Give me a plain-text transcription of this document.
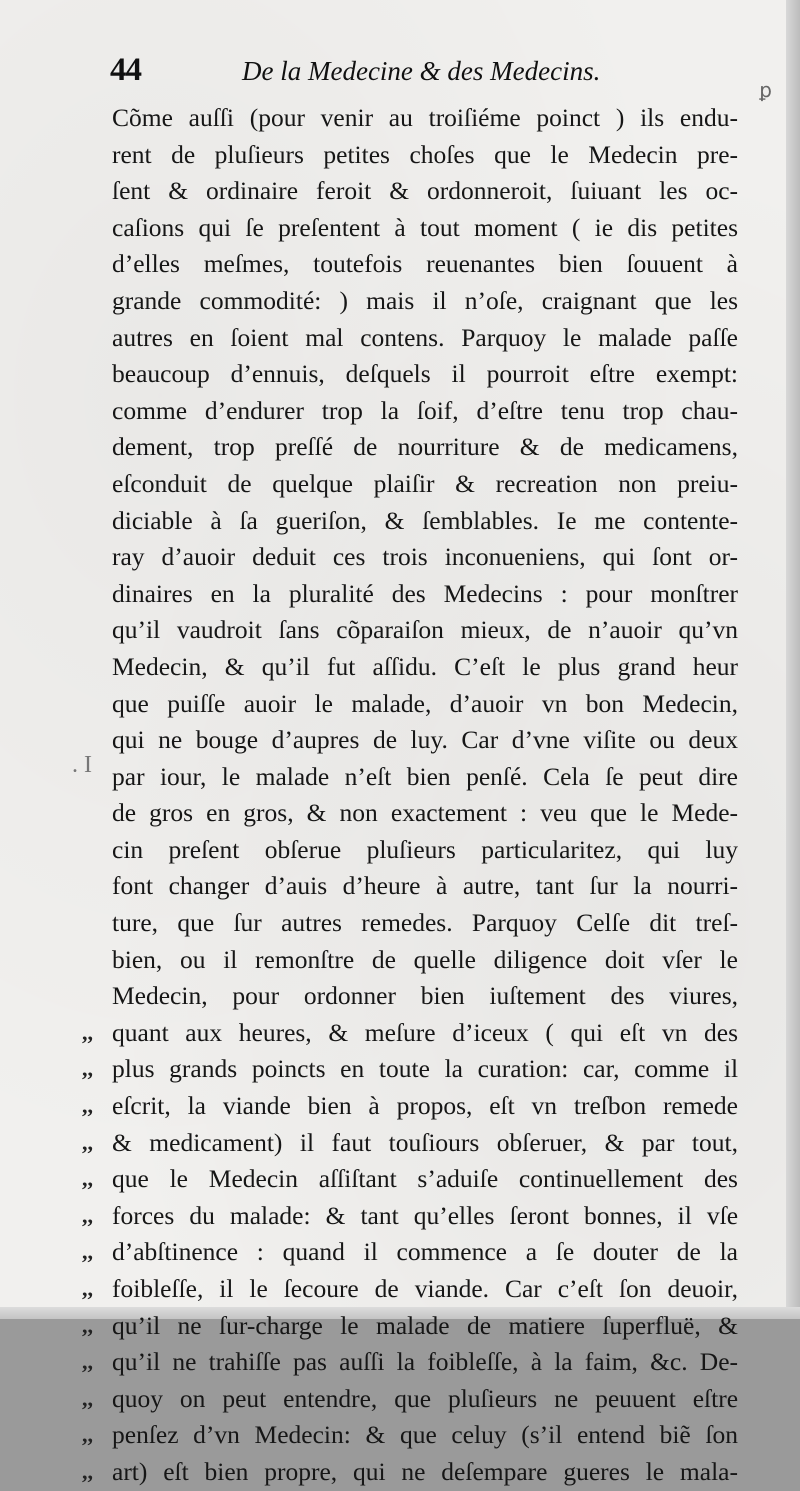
44	De la Medecine & des Medecins.
ꝑ
. I
Cõme auſſi (pour venir au troiſiéme poinct ) ils endu-
rent de pluſieurs petites choſes que le Medecin pre-
ſent & ordinaire feroit & ordonneroit, ſuiuant les oc-
caſions qui ſe preſentent à tout moment ( ie dis petites
d’elles meſmes, toutefois reuenantes bien ſouuent à
grande commodité: ) mais il n’oſe, craignant que les
autres en ſoient mal contens. Parquoy le malade paſſe
beaucoup d’ennuis, deſquels il pourroit eſtre exempt:
comme d’endurer trop la ſoif, d’eſtre tenu trop chau-
dement, trop preſſé de nourriture & de medicamens,
eſconduit de quelque plaiſir & recreation non preiu-
diciable à ſa gueriſon, & ſemblables. Ie me contente-
ray d’auoir deduit ces trois inconueniens, qui ſont or-
dinaires en la pluralité des Medecins : pour monſtrer
qu’il vaudroit ſans cõparaiſon mieux, de n’auoir qu’vn
Medecin, & qu’il fut aſſidu. C’eſt le plus grand heur
que puiſſe auoir le malade, d’auoir vn bon Medecin,
qui ne bouge d’aupres de luy. Car d’vne viſite ou deux
par iour, le malade n’eſt bien penſé. Cela ſe peut dire
de gros en gros, & non exactement : veu que le Mede-
cin preſent obſerue pluſieurs particularitez, qui luy
font changer d’auis d’heure à autre, tant ſur la nourri-
ture, que ſur autres remedes. Parquoy Celſe dit treſ-
bien, ou il remonſtre de quelle diligence doit vſer le
Medecin, pour ordonner bien iuſtement des viures,
,, quant aux heures, & meſure d’iceux ( qui eſt vn des
,, plus grands poincts en toute la curation: car, comme il
,, eſcrit, la viande bien à propos, eſt vn treſbon remede
,, & medicament) il faut touſiours obſeruer, & par tout,
,, que le Medecin aſſiſtant s’aduiſe continuellement des
,, forces du malade: & tant qu’elles ſeront bonnes, il vſe
,, d’abſtinence : quand il commence a ſe douter de la
,, foibleſſe, il le ſecoure de viande. Car c’eſt ſon deuoir,
,, qu’il ne ſur-charge le malade de matiere ſuperfluë, &
,, qu’il ne trahiſſe pas auſſi la foibleſſe, à la faim, &c. De-
,, quoy on peut entendre, que pluſieurs ne peuuent eſtre
,, penſez d’vn Medecin: & que celuy (s’il entend biẽ ſon
,, art) eſt bien propre, qui ne deſempare gueres le mala-
